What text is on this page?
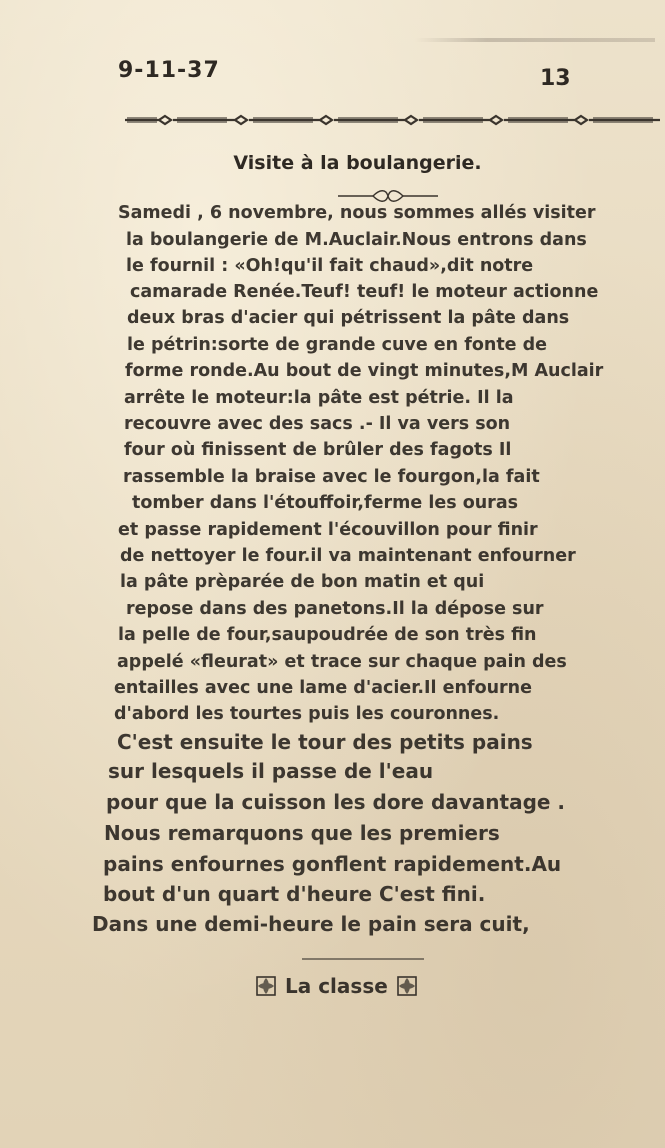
9-11-37	13
Visite à la boulangerie.
Samedi , 6 novembre, nous sommes allés visiter
la boulangerie de M.Auclair.Nous entrons dans
le fournil : «Oh!qu'il fait chaud»,dit notre
camarade Renée.Teuf! teuf! le moteur actionne
deux bras d'acier qui pétrissent la pâte dans
le pétrin:sorte de grande cuve en fonte de
forme ronde.Au bout de vingt minutes,M Auclair
arrête le moteur:la pâte est pétrie. Il la
recouvre avec des sacs .- Il va vers son
four où finissent de brûler des fagots Il
rassemble la braise avec le fourgon,la fait
tomber dans l'étouffoir,ferme les ouras
et passe rapidement l'écouvillon pour finir
de nettoyer le four.il va maintenant enfourner
la pâte prèparée de bon matin et qui
repose dans des panetons.Il la dépose sur
la pelle de four,saupoudrée de son très fin
appelé «fleurat» et trace sur chaque pain des
entailles avec une lame d'acier.Il enfourne
d'abord les tourtes puis les couronnes.
C'est ensuite le tour des petits pains
sur lesquels il passe de l'eau
pour que la cuisson les dore davantage .
Nous remarquons que les premiers
pains enfournes gonflent rapidement.Au
bout d'un quart d'heure C'est fini.
Dans une demi-heure le pain sera cuit,
La classe
